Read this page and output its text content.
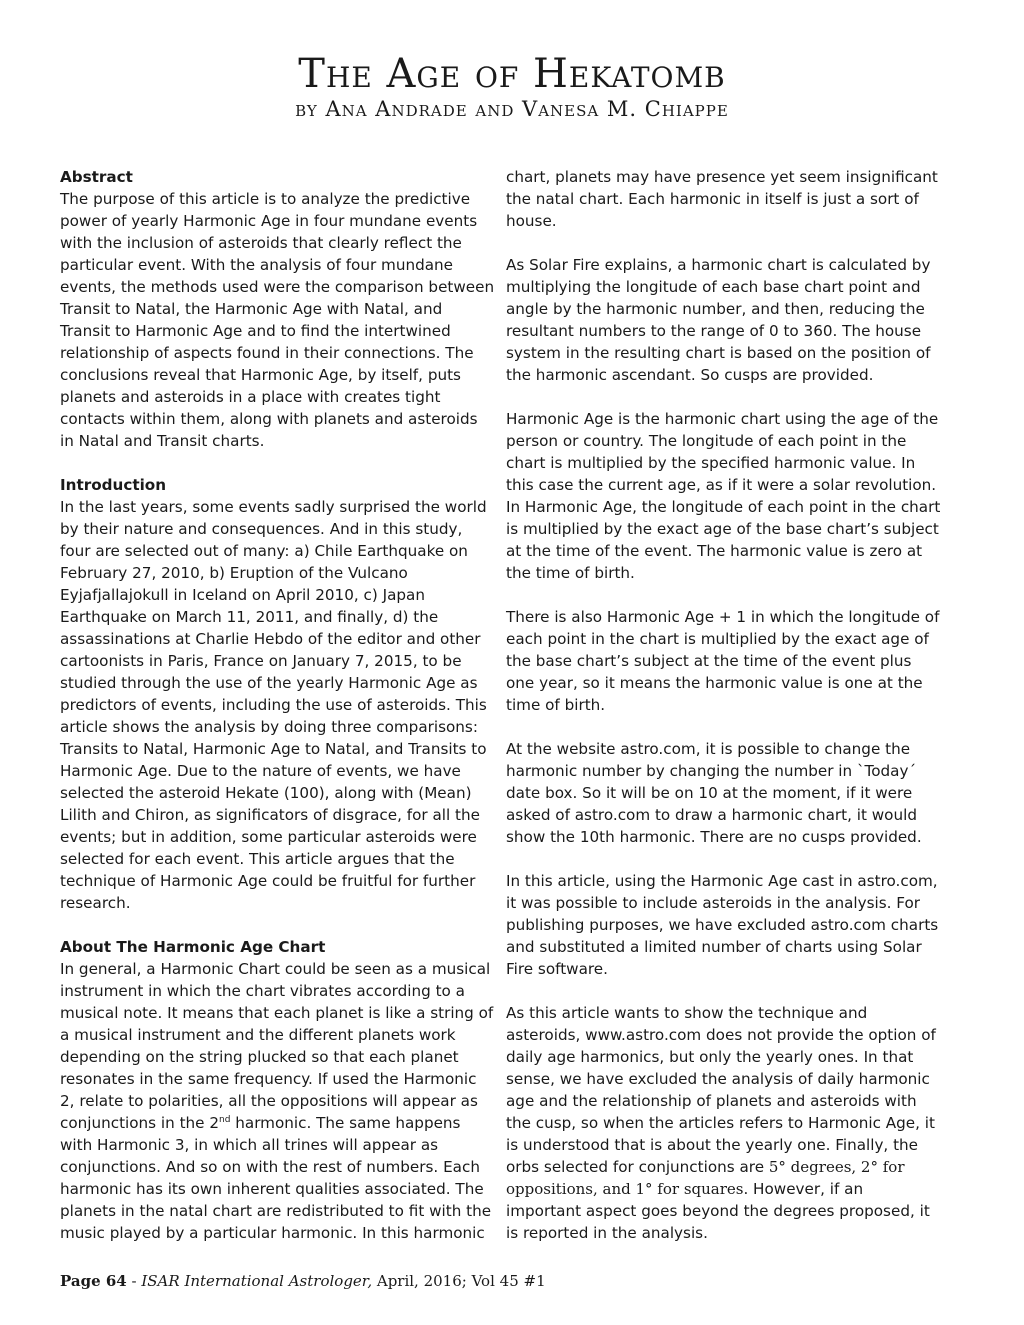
The Age of Hekatomb

by Ana Andrade and Vanesa M. Chiappe

Abstract

The purpose of this article is to analyze the predictive power of yearly Harmonic Age in four mundane events with the inclusion of asteroids that clearly reflect the particular event. With the analysis of four mundane events, the methods used were the comparison between Transit to Natal, the Harmonic Age with Natal, and Transit to Harmonic Age and to find the intertwined relationship of aspects found in their connections. The conclusions reveal that Harmonic Age, by itself, puts planets and asteroids in a place with creates tight contacts within them, along with planets and asteroids in Natal and Transit charts.

Introduction

In the last years, some events sadly surprised the world by their nature and consequences. And in this study, four are selected out of many: a) Chile Earthquake on February 27, 2010, b) Eruption of the Vulcano Eyjafjallajokull in Iceland on April 2010, c) Japan Earthquake on March 11, 2011, and finally, d) the assassinations at Charlie Hebdo of the editor and other cartoonists in Paris, France on January 7, 2015, to be studied through the use of the yearly Harmonic Age as predictors of events, including the use of asteroids. This article shows the analysis by doing three comparisons: Transits to Natal, Harmonic Age to Natal, and Transits to Harmonic Age. Due to the nature of events, we have selected the asteroid Hekate (100), along with (Mean) Lilith and Chiron, as significators of disgrace, for all the events; but in addition, some particular asteroids were selected for each event. This article argues that the technique of Harmonic Age could be fruitful for further research.

About The Harmonic Age Chart

In general, a Harmonic Chart could be seen as a musical instrument in which the chart vibrates according to a musical note. It means that each planet is like a string of a musical instrument and the different planets work depending on the string plucked so that each planet resonates in the same frequency. If used the Harmonic 2, relate to polarities, all the oppositions will appear as conjunctions in the 2nd harmonic. The same happens with Harmonic 3, in which all trines will appear as conjunctions. And so on with the rest of numbers. Each harmonic has its own inherent qualities associated. The planets in the natal chart are redistributed to fit with the music played by a particular harmonic. In this harmonic

chart, planets may have presence yet seem insignificant the natal chart. Each harmonic in itself is just a sort of house.

As Solar Fire explains, a harmonic chart is calculated by multiplying the longitude of each base chart point and angle by the harmonic number, and then, reducing the resultant numbers to the range of 0 to 360. The house system in the resulting chart is based on the position of the harmonic ascendant. So cusps are provided.

Harmonic Age is the harmonic chart using the age of the person or country. The longitude of each point in the chart is multiplied by the specified harmonic value. In this case the current age, as if it were a solar revolution. In Harmonic Age, the longitude of each point in the chart is multiplied by the exact age of the base chart’s subject at the time of the event. The harmonic value is zero at the time of birth.

There is also Harmonic Age + 1 in which the longitude of each point in the chart is multiplied by the exact age of the base chart’s subject at the time of the event plus one year, so it means the harmonic value is one at the time of birth.

At the website astro.com, it is possible to change the harmonic number by changing the number in `Today´ date box. So it will be on 10 at the moment, if it were asked of astro.com to draw a harmonic chart, it would show the 10th harmonic. There are no cusps provided.

In this article, using the Harmonic Age cast in astro.com, it was possible to include asteroids in the analysis. For publishing purposes, we have excluded astro.com charts and substituted a limited number of charts using Solar Fire software.

As this article wants to show the technique and asteroids, www.astro.com does not provide the option of daily age harmonics, but only the yearly ones. In that sense, we have excluded the analysis of daily harmonic age and the relationship of planets and asteroids with the cusp, so when the articles refers to Harmonic Age, it is understood that is about the yearly one. Finally, the orbs selected for conjunctions are 5° degrees, 2° for oppositions, and 1° for squares. However, if an important aspect goes beyond the degrees proposed, it is reported in the analysis.

Page 64 - ISAR International Astrologer, April, 2016; Vol 45 #1
